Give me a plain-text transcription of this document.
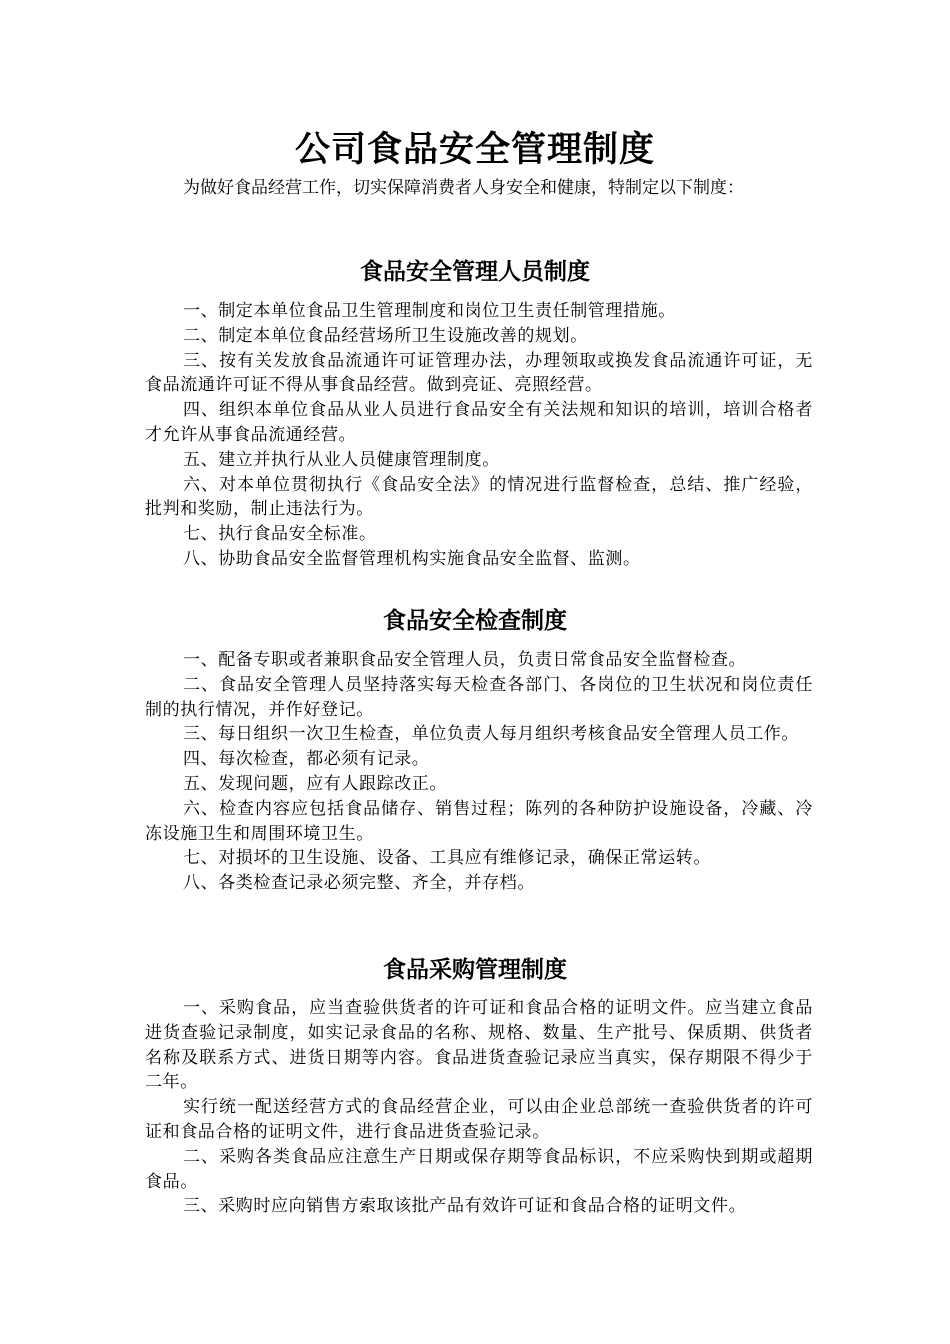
公司食品安全管理制度
为做好食品经营工作，切实保障消费者人身安全和健康，特制定以下制度：
食品安全管理人员制度

一、制定本单位食品卫生管理制度和岗位卫生责任制管理措施。

二、制定本单位食品经营场所卫生设施改善的规划。

三、按有关发放食品流通许可证管理办法，办理领取或换发食品流通许可证，无食品流通许可证不得从事食品经营。做到亮证、亮照经营。

四、组织本单位食品从业人员进行食品安全有关法规和知识的培训，培训合格者才允许从事食品流通经营。

五、建立并执行从业人员健康管理制度。

六、对本单位贯彻执行《食品安全法》的情况进行监督检查，总结、推广经验，批判和奖励，制止违法行为。

七、执行食品安全标准。

八、协助食品安全监督管理机构实施食品安全监督、监测。

食品安全检查制度

一、配备专职或者兼职食品安全管理人员，负责日常食品安全监督检查。

二、食品安全管理人员坚持落实每天检查各部门、各岗位的卫生状况和岗位责任制的执行情况，并作好登记。

三、每日组织一次卫生检查，单位负责人每月组织考核食品安全管理人员工作。

四、每次检查，都必须有记录。

五、发现问题，应有人跟踪改正。

六、检查内容应包括食品储存、销售过程；陈列的各种防护设施设备，冷藏、冷冻设施卫生和周围环境卫生。

七、对损坏的卫生设施、设备、工具应有维修记录，确保正常运转。

八、各类检查记录必须完整、齐全，并存档。

食品采购管理制度

一、采购食品，应当查验供货者的许可证和食品合格的证明文件。应当建立食品进货查验记录制度，如实记录食品的名称、规格、数量、生产批号、保质期、供货者名称及联系方式、进货日期等内容。食品进货查验记录应当真实，保存期限不得少于二年。

实行统一配送经营方式的食品经营企业，可以由企业总部统一查验供货者的许可证和食品合格的证明文件，进行食品进货查验记录。

二、采购各类食品应注意生产日期或保存期等食品标识，不应采购快到期或超期食品。

三、采购时应向销售方索取该批产品有效许可证和食品合格的证明文件。
